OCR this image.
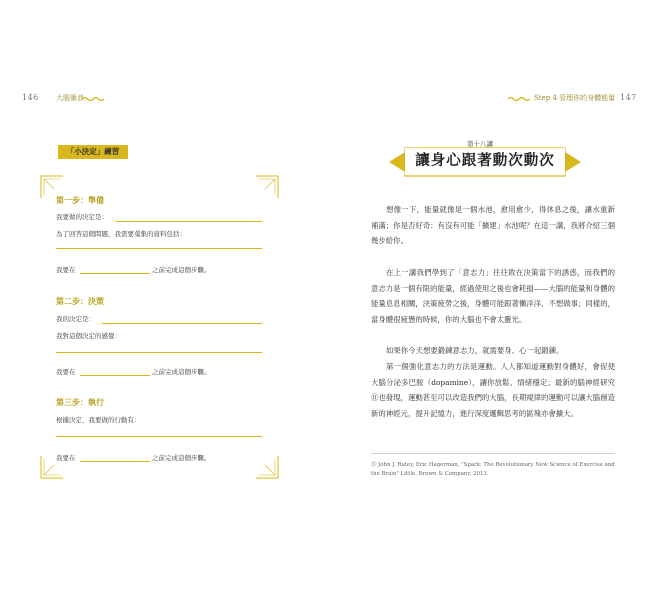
146 大腦衝浪
「小決定」練習
第一步：準備
我要做的決定是：
為了回答這個問題，我需要蒐集的資料包括：
我要在	之前完成這個步驟。
第二步：決策
我的決定是：
我對這個決定的感覺：
我要在	之前完成這個步驟。
第三步：執行
根據決定，我要做的行動有：
我要在	之前完成這個步驟。
Step 4 管理你的身體能量 147
第十八講
讓身心跟著動次動次
想像一下，能量就像是一個水池，愈用愈少，得休息之後，讓水重新補滿；你是否好奇：有沒有可能「擴建」水池呢？在這一講，我將介紹三個幾步給你。
在上一講我們學到了「意志力」往往敗在決策當下的誘惑，而我們的意志力是一個有限的能量，經過使用之後也會耗損——大腦的能量和身體的能量息息相關，決策疲勞之後，身體可能跟著懶洋洋、不想做事；同樣的，當身體很疲憊的時候，你的大腦也不會太靈光。
如果你今天想要鍛鍊意志力，就需要身、心一起鍛鍊。
第一個強化意志力的方法是運動。人人都知道運動對身體好，會促使大腦分泌多巴胺（dopamine），讓你放鬆、情緒穩定；最新的腦神經研究⑪也發現，運動甚至可以改造我們的大腦，長期規律的運動可以讓大腦創造新的神經元，提升記憶力，進行深度邏輯思考的區塊亦會擴大。
⑪ John J. Ratey, Eric Hagerman, "Spark: The Revolutionary New Science of Exercise and the Brain" Little, Brown & Company, 2013.
